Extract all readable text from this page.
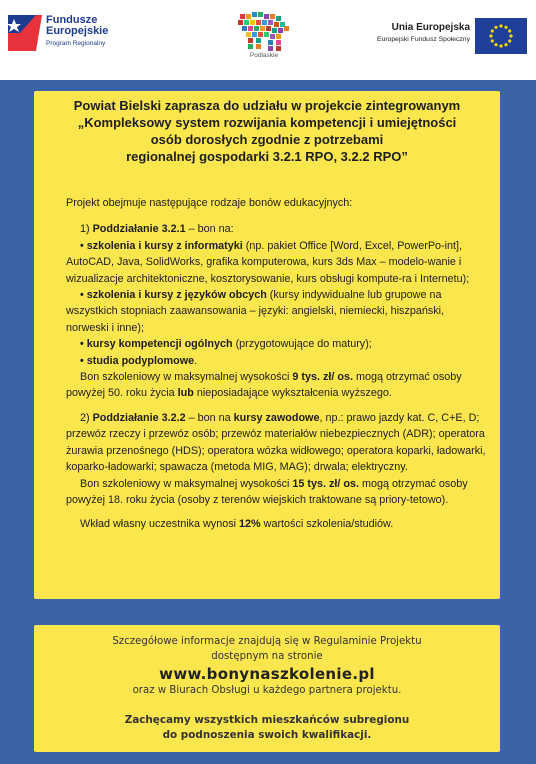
Fundusze
Europejskie
Program Regionalny
Podlaskie
Unia Europejska
Europejski Fundusz Społeczny
Powiat Bielski zaprasza do udziału w projekcie zintegrowanym
„Kompleksowy system rozwijania kompetencji i umiejętności
osób dorosłych zgodnie z potrzebami
regionalnej gospodarki 3.2.1 RPO, 3.2.2 RPO”

Projekt obejmuje następujące rodzaje bonów edukacyjnych:

1) Poddziałanie 3.2.1 – bon na:

• szkolenia i kursy z informatyki (np. pakiet Office [Word, Excel, PowerPo-int], AutoCAD, Java, SolidWorks, grafika komputerowa, kurs 3ds Max – modelo-wanie i wizualizacje architektoniczne, kosztorysowanie, kurs obsługi kompute-ra i Internetu);

• szkolenia i kursy z języków obcych (kursy indywidualne lub grupowe na wszystkich stopniach zaawansowania – języki: angielski, niemiecki, hiszpański, norweski i inne);

• kursy kompetencji ogólnych (przygotowujące do matury);

• studia podyplomowe.

Bon szkoleniowy w maksymalnej wysokości 9 tys. zł/ os. mogą otrzymać osoby powyżej 50. roku życia lub nieposiadające wykształcenia wyższego.

2) Poddziałanie 3.2.2 – bon na kursy zawodowe, np.: prawo jazdy kat. C, C+E, D; przewóz rzeczy i przewóz osób; przewóz materiałów niebezpiecznych (ADR); operatora żurawia przenośnego (HDS); operatora wózka widłowego; operatora koparki, ładowarki, koparko-ładowarki; spawacza (metoda MIG, MAG); drwala; elektryczny.

Bon szkoleniowy w maksymalnej wysokości 15 tys. zł/ os. mogą otrzymać osoby powyżej 18. roku życia (osoby z terenów wiejskich traktowane są priory-tetowo).

Wkład własny uczestnika wynosi 12% wartości szkolenia/studiów.

Szczegółowe informacje znajdują się w Regulaminie Projektu
dostępnym na stronie
www.bonynaszkolenie.pl
oraz w Biurach Obsługi u każdego partnera projektu.
Zachęcamy wszystkich mieszkańców subregionu
do podnoszenia swoich kwalifikacji.
